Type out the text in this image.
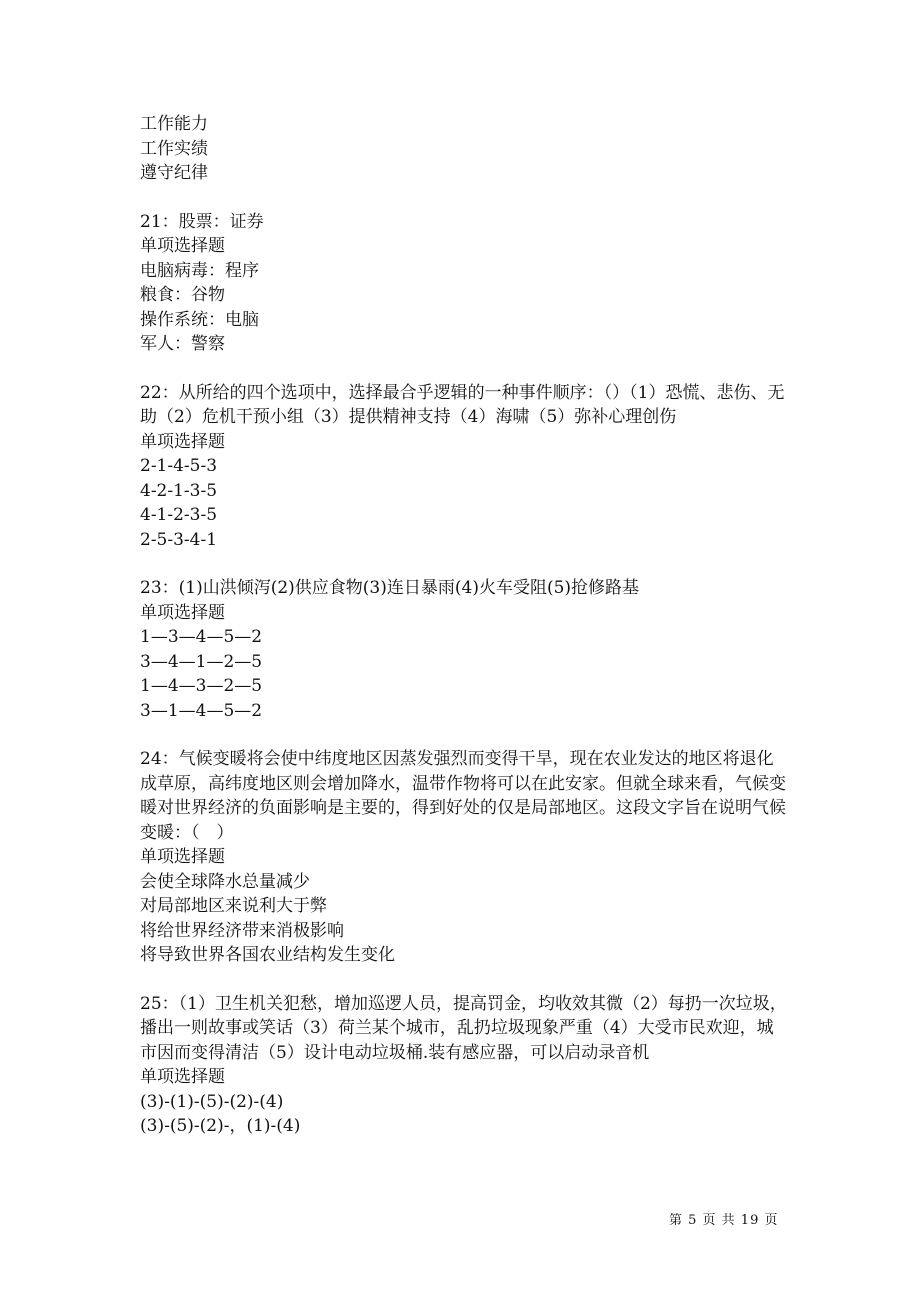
工作能力
工作实绩
遵守纪律
21：股票：证券
单项选择题
电脑病毒：程序
粮食：谷物
操作系统：电脑
军人：警察
22：从所给的四个选项中，选择最合乎逻辑的一种事件顺序：（）（1）恐慌、悲伤、无助（2）危机干预小组（3）提供精神支持（4）海啸（5）弥补心理创伤
单项选择题
2-1-4-5-3
4-2-1-3-5
4-1-2-3-5
2-5-3-4-1
23：(1)山洪倾泻(2)供应食物(3)连日暴雨(4)火车受阻(5)抢修路基
单项选择题
1—3—4—5—2
3—4—1—2—5
1—4—3—2—5
3—1—4—5—2
24：气候变暖将会使中纬度地区因蒸发强烈而变得干旱，现在农业发达的地区将退化成草原，高纬度地区则会增加降水，温带作物将可以在此安家。但就全球来看，气候变暖对世界经济的负面影响是主要的，得到好处的仅是局部地区。这段文字旨在说明气候变暖：（　）
单项选择题
会使全球降水总量减少
对局部地区来说利大于弊
将给世界经济带来消极影响
将导致世界各国农业结构发生变化
25：（1）卫生机关犯愁，增加巡逻人员，提高罚金，均收效其微（2）每扔一次垃圾，播出一则故事或笑话（3）荷兰某个城市，乱扔垃圾现象严重（4）大受市民欢迎，城市因而变得清洁（5）设计电动垃圾桶.装有感应器，可以启动录音机
单项选择题
(3)-(1)-(5)-(2)-(4)
(3)-(5)-(2)-，(1)-(4)
第 5 页 共 19 页
